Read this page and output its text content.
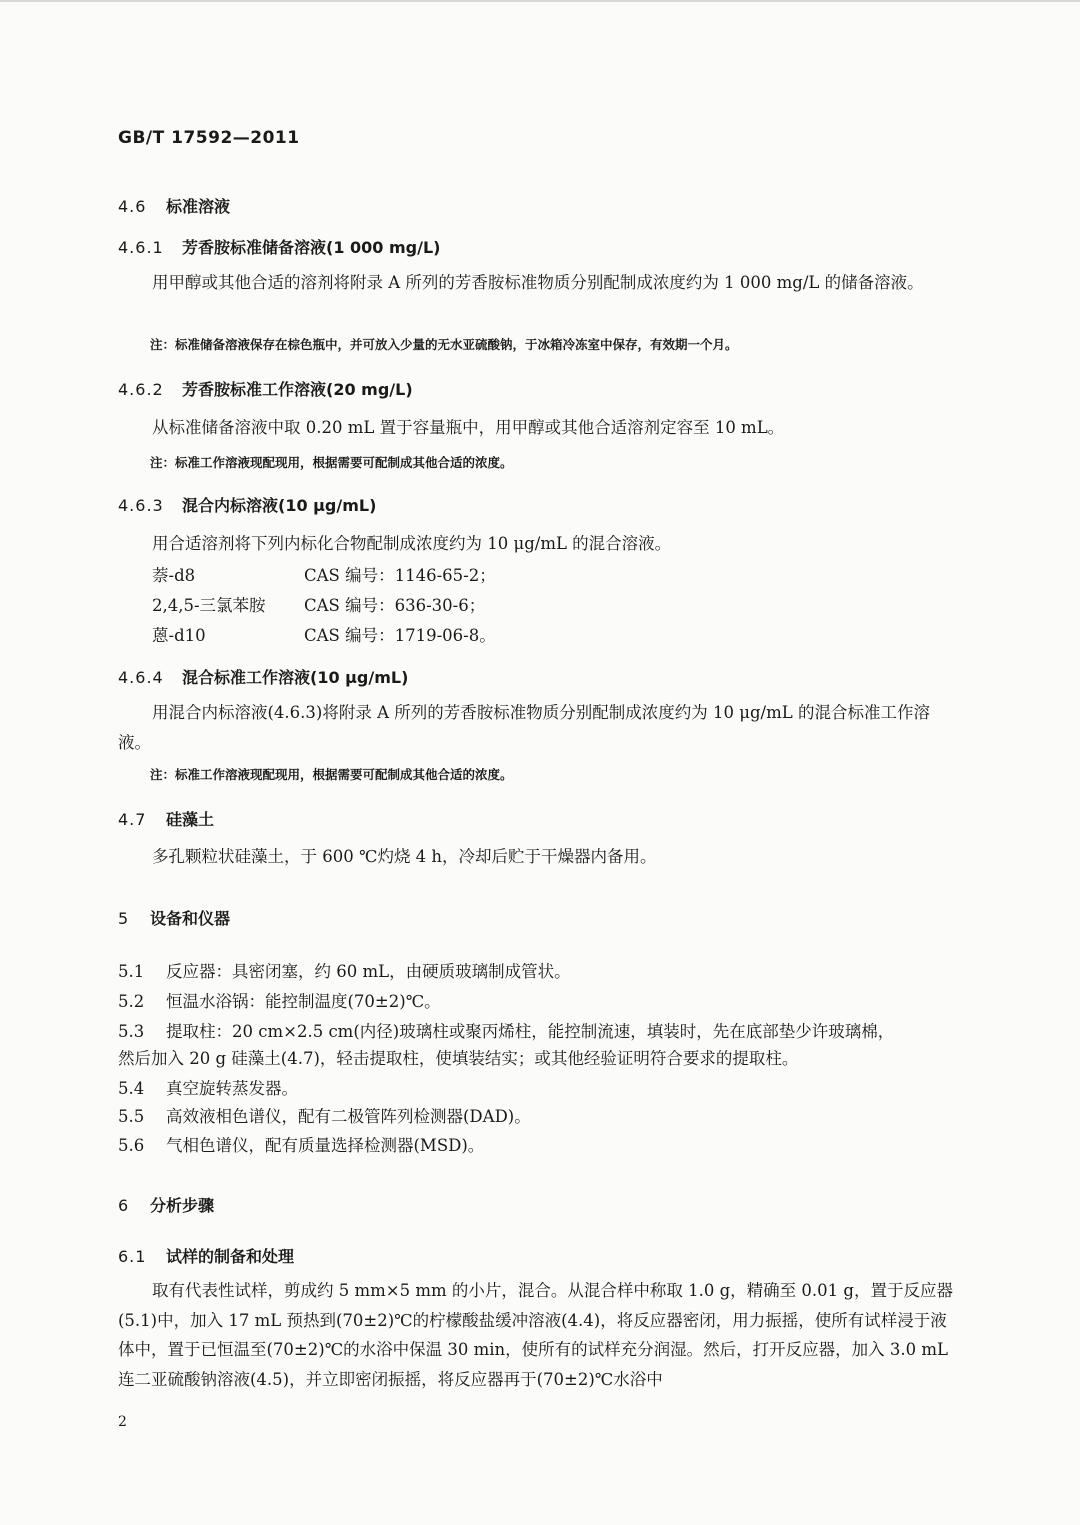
GB/T 17592—2011
4.6 标准溶液
4.6.1 芳香胺标准储备溶液(1 000 mg/L)
用甲醇或其他合适的溶剂将附录 A 所列的芳香胺标准物质分别配制成浓度约为 1 000 mg/L 的储备溶液。
注：标准储备溶液保存在棕色瓶中，并可放入少量的无水亚硫酸钠，于冰箱冷冻室中保存，有效期一个月。
4.6.2 芳香胺标准工作溶液(20 mg/L)
从标准储备溶液中取 0.20 mL 置于容量瓶中，用甲醇或其他合适溶剂定容至 10 mL。
注：标准工作溶液现配现用，根据需要可配制成其他合适的浓度。
4.6.3 混合内标溶液(10 μg/mL)
用合适溶剂将下列内标化合物配制成浓度约为 10 μg/mL 的混合溶液。
萘-d8	CAS 编号：1146-65-2；
2,4,5-三氯苯胺 CAS 编号：636-30-6；
蒽-d10	CAS 编号：1719-06-8。
4.6.4 混合标准工作溶液(10 μg/mL)
用混合内标溶液(4.6.3)将附录 A 所列的芳香胺标准物质分别配制成浓度约为 10 μg/mL 的混合标准工作溶液。
注：标准工作溶液现配现用，根据需要可配制成其他合适的浓度。
4.7 硅藻土
多孔颗粒状硅藻土，于 600 ℃灼烧 4 h，冷却后贮于干燥器内备用。
5 设备和仪器
5.1 反应器：具密闭塞，约 60 mL，由硬质玻璃制成管状。
5.2 恒温水浴锅：能控制温度(70±2)℃。
5.3 提取柱：20 cm×2.5 cm(内径)玻璃柱或聚丙烯柱，能控制流速，填装时，先在底部垫少许玻璃棉，
然后加入 20 g 硅藻土(4.7)，轻击提取柱，使填装结实；或其他经验证明符合要求的提取柱。
5.4 真空旋转蒸发器。
5.5 高效液相色谱仪，配有二极管阵列检测器(DAD)。
5.6 气相色谱仪，配有质量选择检测器(MSD)。
6 分析步骤
6.1 试样的制备和处理
取有代表性试样，剪成约 5 mm×5 mm 的小片，混合。从混合样中称取 1.0 g，精确至 0.01 g，置于反应器(5.1)中，加入 17 mL 预热到(70±2)℃的柠檬酸盐缓冲溶液(4.4)，将反应器密闭，用力振摇，使所有试样浸于液体中，置于已恒温至(70±2)℃的水浴中保温 30 min，使所有的试样充分润湿。然后，打开反应器，加入 3.0 mL 连二亚硫酸钠溶液(4.5)，并立即密闭振摇，将反应器再于(70±2)℃水浴中
2
